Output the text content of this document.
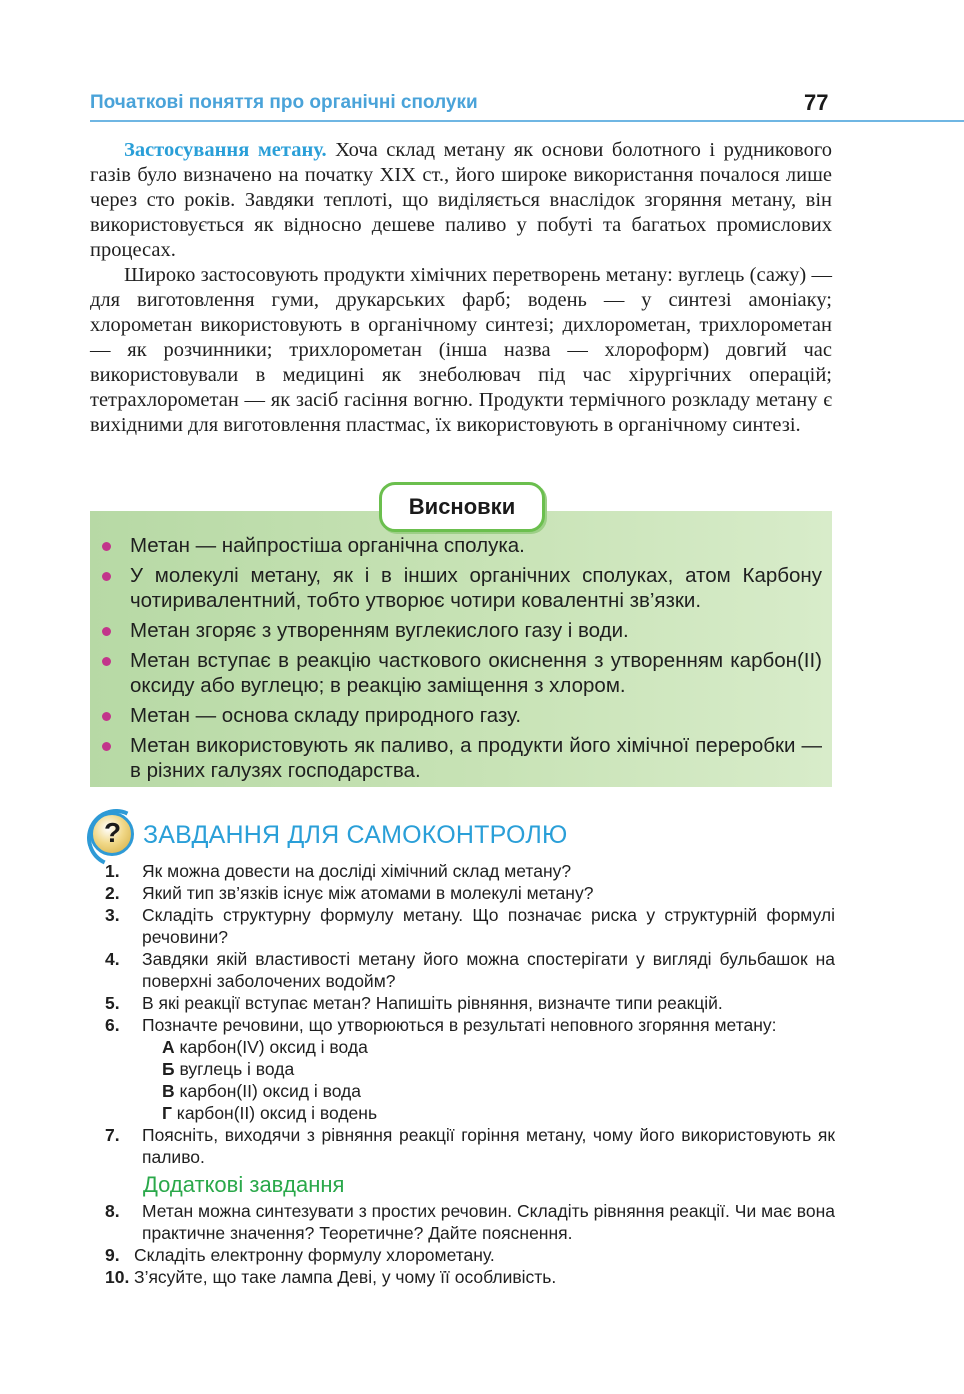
Початкові поняття про органічні сполуки	77

Застосування метану. Хоча склад метану як основи болотного і рудникового газів було визначено на початку XIX ст., його широке використання почалося лише через сто років. Завдяки теплоті, що виділяється внаслідок згоряння метану, він використовується як відносно дешеве паливо у побуті та багатьох промислових процесах.

Широко застосовують продукти хімічних перетворень метану: вуглець (сажу) — для виготовлення гуми, друкарських фарб; водень — у синтезі амоніаку; хлорометан використовують в органічному синтезі; дихлорометан, трихлорометан — як розчинники; трихлорометан (інша назва — хлороформ) довгий час використовували в медицині як знеболювач під час хірургічних операцій; тетрахлорометан — як засіб гасіння вогню. Продукти термічного розкладу метану є вихідними для виготовлення пластмас, їх використовують в органічному синтезі.

Висновки
Метан — найпростіша органічна сполука.
У молекулі метану, як і в інших органічних сполуках, атом Карбону чотиривалентний, тобто утворює чотири ковалентні зв’язки.
Метан згоряє з утворенням вуглекислого газу і води.
Метан вступає в реакцію часткового окиснення з утворенням карбон(II) оксиду або вуглецю; в реакцію заміщення з хлором.
Метан — основа складу природного газу.
Метан використовують як паливо, а продукти його хімічної переробки — в різних галузях господарства.
? ЗАВДАННЯ ДЛЯ САМОКОНТРОЛЮ
1. Як можна довести на досліді хімічний склад метану?
2. Який тип зв’язків існує між атомами в молекулі метану?
3. Складіть структурну формулу метану. Що позначає риска у структурній формулі речовини?
4. Завдяки якій властивості метану його можна спостерігати у вигляді бульбашок на поверхні заболочених водойм?
5. В які реакції вступає метан? Напишіть рівняння, визначте типи реакцій.
6. Позначте речовини, що утворюються в результаті неповного згоряння метану:
А карбон(IV) оксид і вода
Б вуглець і вода
В карбон(II) оксид і вода
Г карбон(II) оксид і водень
7. Поясніть, виходячи з рівняння реакції горіння метану, чому його використовують як паливо.
Додаткові завдання
8. Метан можна синтезувати з простих речовин. Складіть рівняння реакції. Чи має вона практичне значення? Теоретичне? Дайте пояснення.
9. Складіть електронну формулу хлорометану.
10. З’ясуйте, що таке лампа Деві, у чому її особливість.
